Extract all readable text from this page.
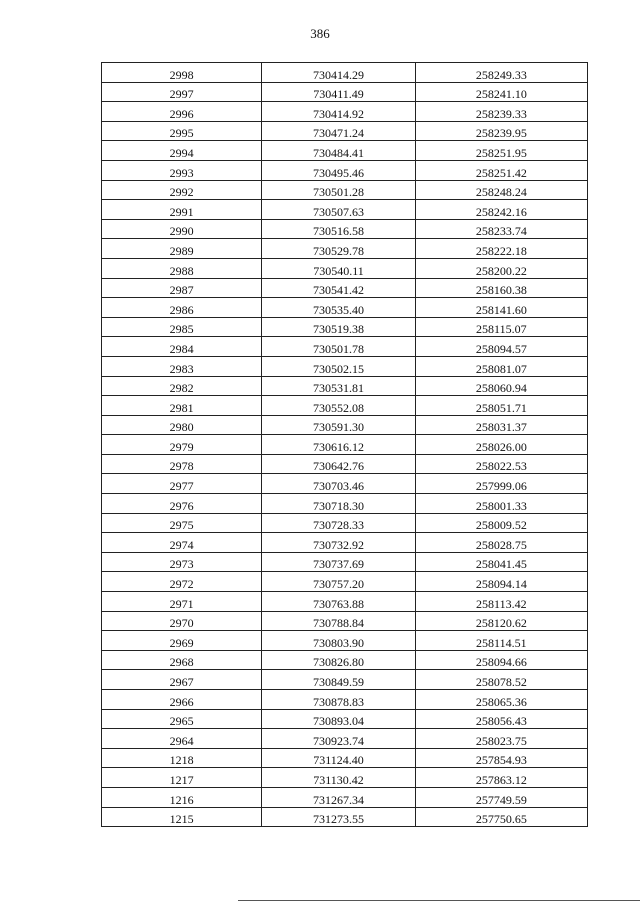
386
2998	730414.29	258249.33
2997	730411.49	258241.10
2996	730414.92	258239.33
2995	730471.24	258239.95
2994	730484.41	258251.95
2993	730495.46	258251.42
2992	730501.28	258248.24
2991	730507.63	258242.16
2990	730516.58	258233.74
2989	730529.78	258222.18
2988	730540.11	258200.22
2987	730541.42	258160.38
2986	730535.40	258141.60
2985	730519.38	258115.07
2984	730501.78	258094.57
2983	730502.15	258081.07
2982	730531.81	258060.94
2981	730552.08	258051.71
2980	730591.30	258031.37
2979	730616.12	258026.00
2978	730642.76	258022.53
2977	730703.46	257999.06
2976	730718.30	258001.33
2975	730728.33	258009.52
2974	730732.92	258028.75
2973	730737.69	258041.45
2972	730757.20	258094.14
2971	730763.88	258113.42
2970	730788.84	258120.62
2969	730803.90	258114.51
2968	730826.80	258094.66
2967	730849.59	258078.52
2966	730878.83	258065.36
2965	730893.04	258056.43
2964	730923.74	258023.75
1218	731124.40	257854.93
1217	731130.42	257863.12
1216	731267.34	257749.59
1215	731273.55	257750.65
